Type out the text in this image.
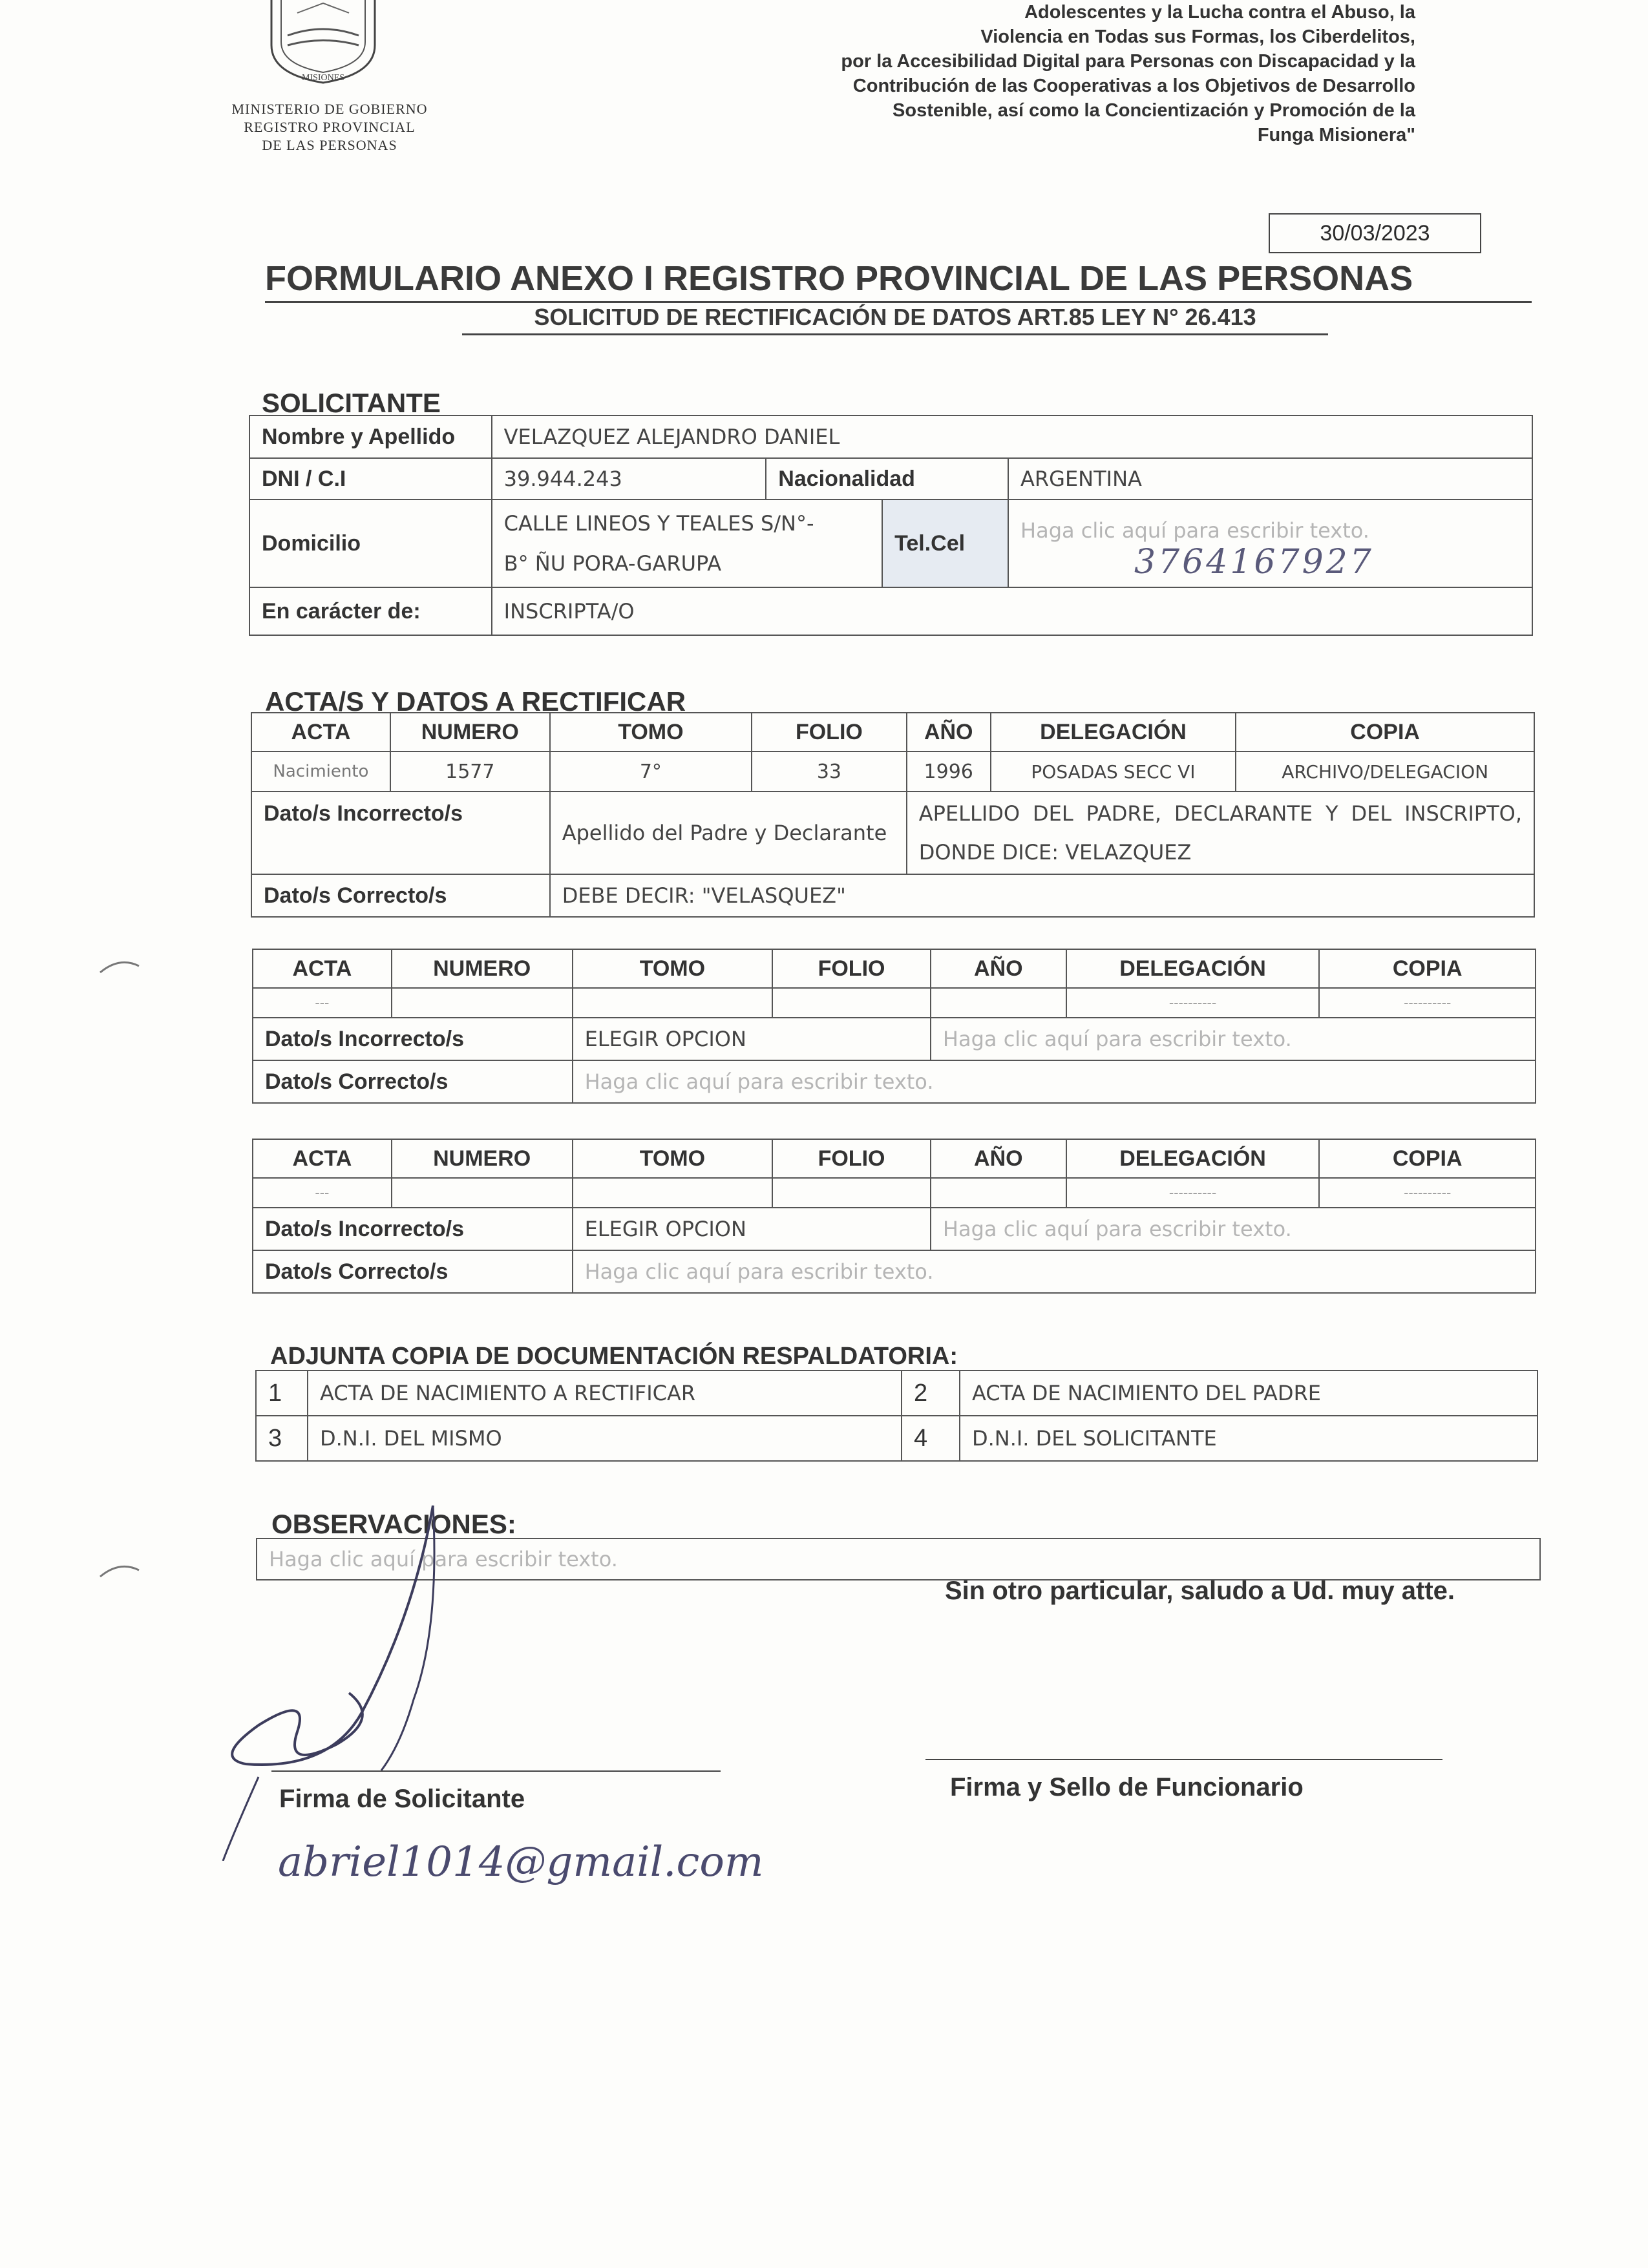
MISIONES
MINISTERIO DE GOBIERNO
REGISTRO PROVINCIAL
DE LAS PERSONAS
Adolescentes y la Lucha contra el Abuso, la
Violencia en Todas sus Formas, los Ciberdelitos,
por la Accesibilidad Digital para Personas con Discapacidad y la
Contribución de las Cooperativas a los Objetivos de Desarrollo
Sostenible, así como la Concientización y Promoción de la
Funga Misionera"
30/03/2023
FORMULARIO ANEXO I REGISTRO PROVINCIAL DE LAS PERSONAS
SOLICITUD DE RECTIFICACIÓN DE DATOS ART.85 LEY N° 26.413
SOLICITANTE
Nombre y Apellido	VELAZQUEZ ALEJANDRO DANIEL			
DNI / C.I	39.944.243	Nacionalidad		ARGENTINA
Domicilio	CALLE LINEOS Y TEALES S/N°-
B° ÑU PORA-GARUPA		Tel.Cel	Haga clic aquí para escribir texto.
En carácter de:	INSCRIPTA/O			
3764167927
ACTA/S Y DATOS A RECTIFICAR
ACTA	NUMERO	TOMO	FOLIO	AÑO	DELEGACIÓN	COPIA
Nacimiento	1577	7°	33	1996	POSADAS SECC VI	ARCHIVO/DELEGACION
Dato/s Incorrecto/s		Apellido del Padre y Declarante		APELLIDO DEL PADRE, DECLARANTE Y DEL INSCRIPTO, DONDE DICE: VELAZQUEZ		
Dato/s Correcto/s		DEBE DECIR: "VELASQUEZ"				
ACTA	NUMERO	TOMO	FOLIO	AÑO	DELEGACIÓN	COPIA
---					----------	----------
Dato/s Incorrecto/s		ELEGIR OPCION		Haga clic aquí para escribir texto.		
Dato/s Correcto/s		Haga clic aquí para escribir texto.				
ACTA	NUMERO	TOMO	FOLIO	AÑO	DELEGACIÓN	COPIA
---					----------	----------
Dato/s Incorrecto/s		ELEGIR OPCION		Haga clic aquí para escribir texto.		
Dato/s Correcto/s		Haga clic aquí para escribir texto.				
ADJUNTA COPIA DE DOCUMENTACIÓN RESPALDATORIA:
1	ACTA DE NACIMIENTO A RECTIFICAR	2	ACTA DE NACIMIENTO DEL PADRE
3	D.N.I. DEL MISMO	4	D.N.I. DEL SOLICITANTE
OBSERVACIONES:
Haga clic aquí para escribir texto.
Sin otro particular, saludo a Ud. muy atte.
Firma de Solicitante	Firma y Sello de Funcionario
abriel1014@gmail.com
